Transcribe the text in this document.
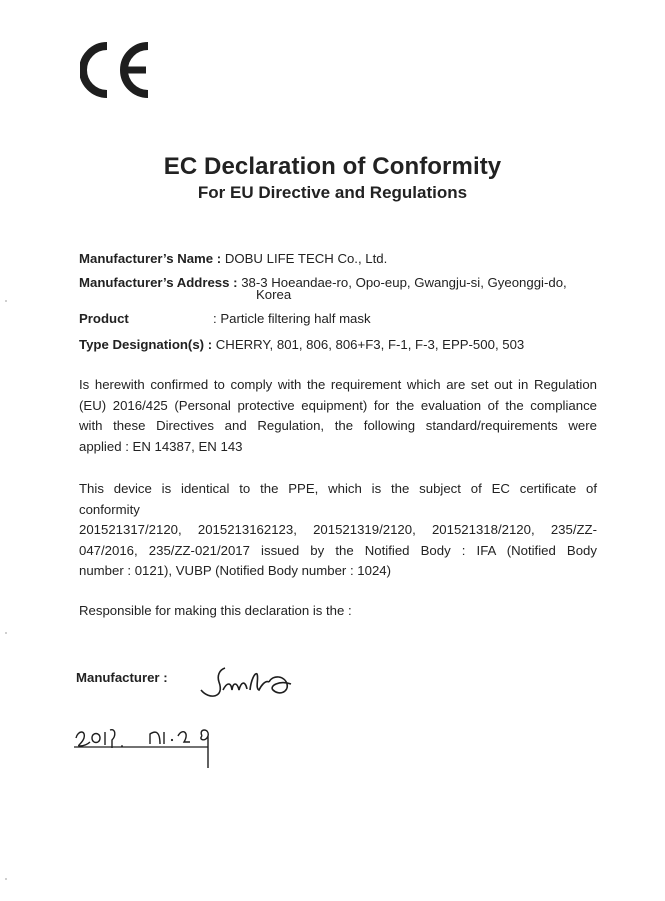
EC Declaration of Conformity
For EU Directive and Regulations
Manufacturer’s Name : DOBU LIFE TECH Co., Ltd.
Manufacturer’s Address : 38-3 Hoeandae-ro, Opo-eup, Gwangju-si, Gyeonggi-do,
Korea
Product	: Particle filtering half mask
Type Designation(s) : CHERRY, 801, 806, 806+F3, F-1, F-3, EPP-500, 503
Is herewith confirmed to comply with the requirement which are set out in Regulation
(EU) 2016/425 (Personal protective equipment) for the evaluation of the compliance
with these Directives and Regulation, the following standard/requirements were
applied : EN 14387, EN 143
This device is identical to the PPE, which is the subject of EC certificate of
conformity
201521317/2120, 2015213162123, 201521319/2120, 201521318/2120, 235/ZZ-
047/2016, 235/ZZ-021/2017 issued by the Notified Body : IFA (Notified Body
number : 0121), VUBP (Notified Body number : 1024)
Responsible for making this declaration is the :
Manufacturer :
